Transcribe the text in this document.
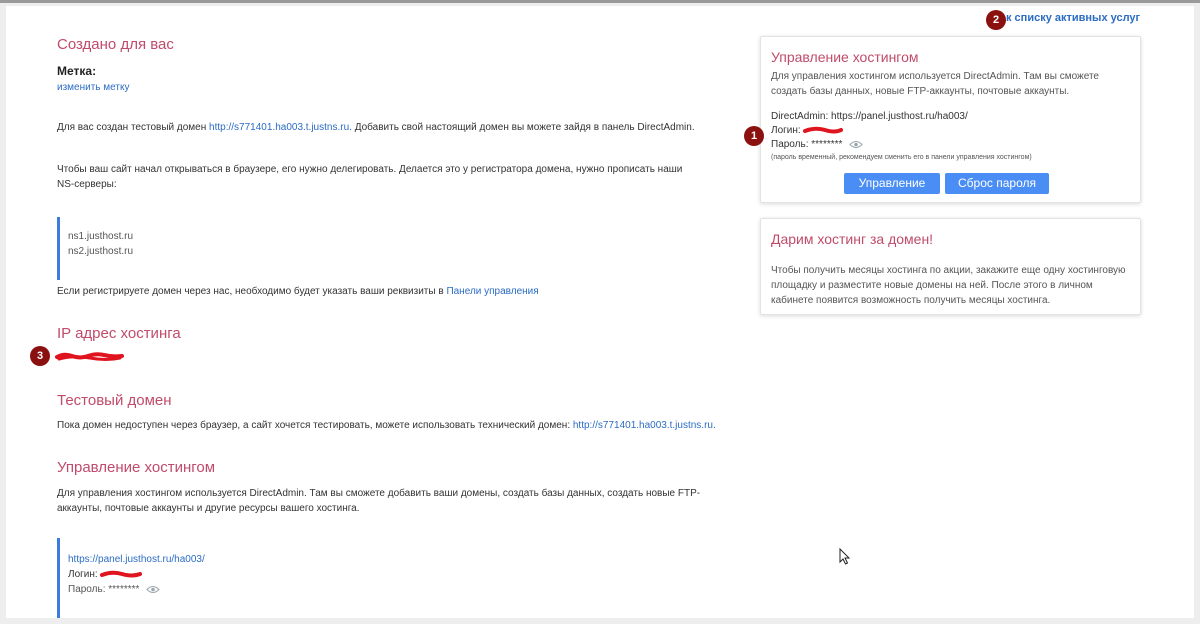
к списку активных услуг
2
Создано для вас
Метка:
изменить метку
Для вас создан тестовый домен http://s771401.ha003.t.justns.ru. Добавить свой настоящий домен вы можете зайдя в панель DirectAdmin.
Чтобы ваш сайт начал открываться в браузере, его нужно делегировать. Делается это у регистратора домена, нужно прописать наши NS-серверы:
ns1.justhost.ru
ns2.justhost.ru
Если регистрируете домен через нас, необходимо будет указать ваши реквизиты в Панели управления
IP адрес хостинга
3
Тестовый домен
Пока домен недоступен через браузер, а сайт хочется тестировать, можете использовать технический домен: http://s771401.ha003.t.justns.ru.
Управление хостингом
Для управления хостингом используется DirectAdmin. Там вы сможете добавить ваши домены, создать базы данных, создать новые FTP-аккаунты, почтовые аккаунты и другие ресурсы вашего хостинга.
https://panel.justhost.ru/ha003/
Логин:
Пароль: ********
Управление хостингом
Для управления хостингом используется DirectAdmin. Там вы сможете создать базы данных, новые FTP-аккаунты, почтовые аккаунты.
DirectAdmin: https://panel.justhost.ru/ha003/
Логин:
Пароль: ********
(пароль временный, рекомендуем сменить его в панели управления хостингом)
Управление	Сброс пароля
1
Дарим хостинг за домен!
Чтобы получить месяцы хостинга по акции, закажите еще одну хостинговую площадку и разместите новые домены на ней. После этого в личном кабинете появится возможность получить месяцы хостинга.
